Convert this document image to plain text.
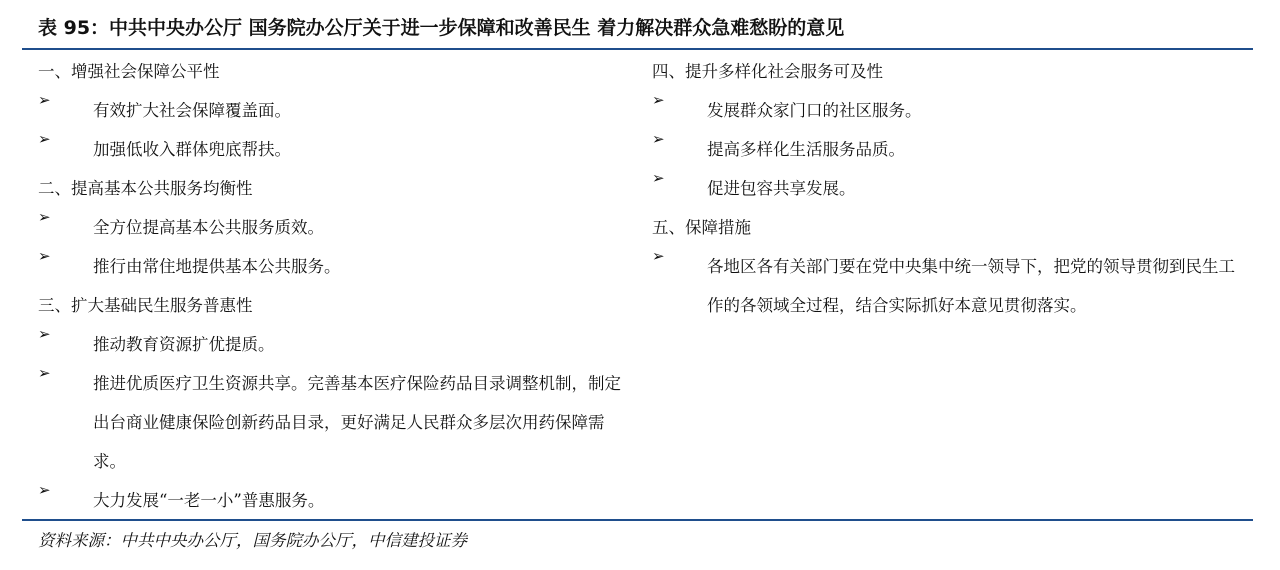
表 95：中共中央办公厅 国务院办公厅关于进一步保障和改善民生 着力解决群众急难愁盼的意见
一、增强社会保障公平性
➢
有效扩大社会保障覆盖面。
➢
加强低收入群体兜底帮扶。
二、提高基本公共服务均衡性
➢
全方位提高基本公共服务质效。
➢
推行由常住地提供基本公共服务。
三、扩大基础民生服务普惠性
➢
推动教育资源扩优提质。
➢
推进优质医疗卫生资源共享。完善基本医疗保险药品目录调整机制，制定出台商业健康保险创新药品目录，更好满足人民群众多层次用药保障需求。
➢
大力发展“一老一小”普惠服务。
四、提升多样化社会服务可及性
➢
发展群众家门口的社区服务。
➢
提高多样化生活服务品质。
➢
促进包容共享发展。
五、保障措施
➢
各地区各有关部门要在党中央集中统一领导下，把党的领导贯彻到民生工作的各领域全过程，结合实际抓好本意见贯彻落实。
资料来源：中共中央办公厅，国务院办公厅，中信建投证券
